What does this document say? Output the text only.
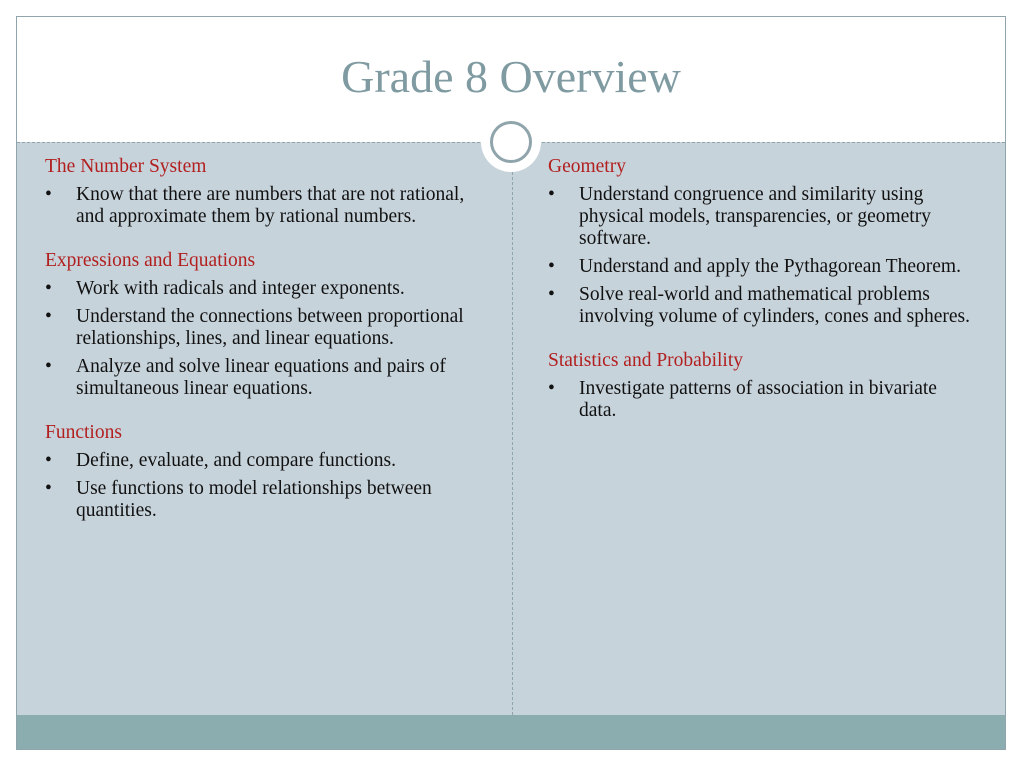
Grade 8 Overview
The Number System
• Know that there are numbers that are not rational, and approximate them by rational numbers.
Expressions and Equations
• Work with radicals and integer exponents.
• Understand the connections between proportional relationships, lines, and linear equations.
• Analyze and solve linear equations and pairs of simultaneous linear equations.
Functions
• Define, evaluate, and compare functions.
• Use functions to model relationships between quantities.
Geometry
• Understand congruence and similarity using physical models, transparencies, or geometry software.
• Understand and apply the Pythagorean Theorem.
• Solve real-world and mathematical problems involving volume of cylinders, cones and spheres.
Statistics and Probability
• Investigate patterns of association in bivariate data.
